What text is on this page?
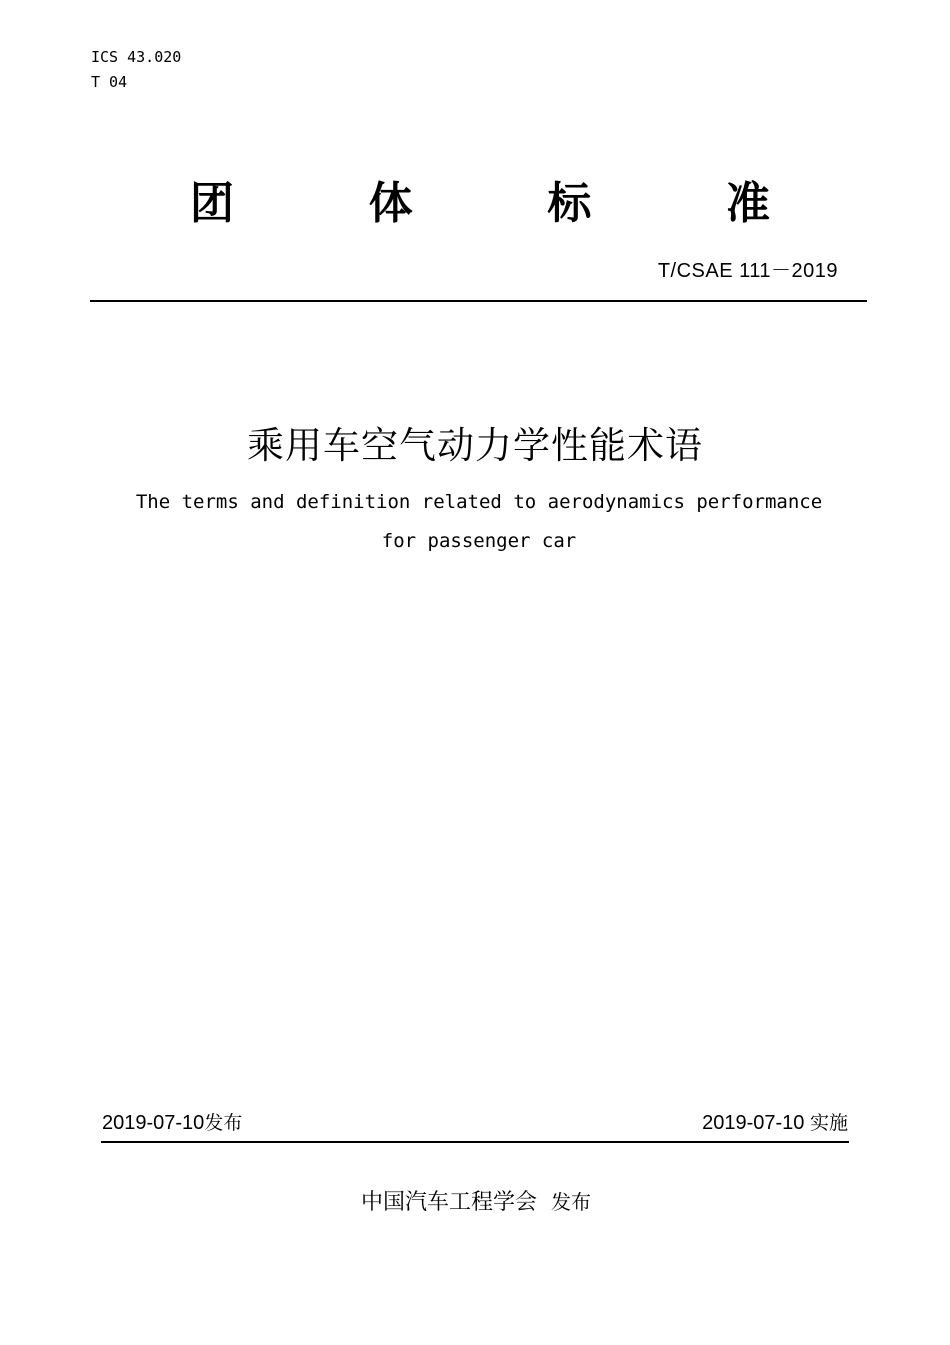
ICS 43.020
T 04
团	体	标	准
T/CSAE 111－2019
乘用车空气动力学性能术语
The terms and definition related to aerodynamics performance
for passenger car
2019-07-10发布	2019-07-10 实施
中国汽车工程学会 发布
